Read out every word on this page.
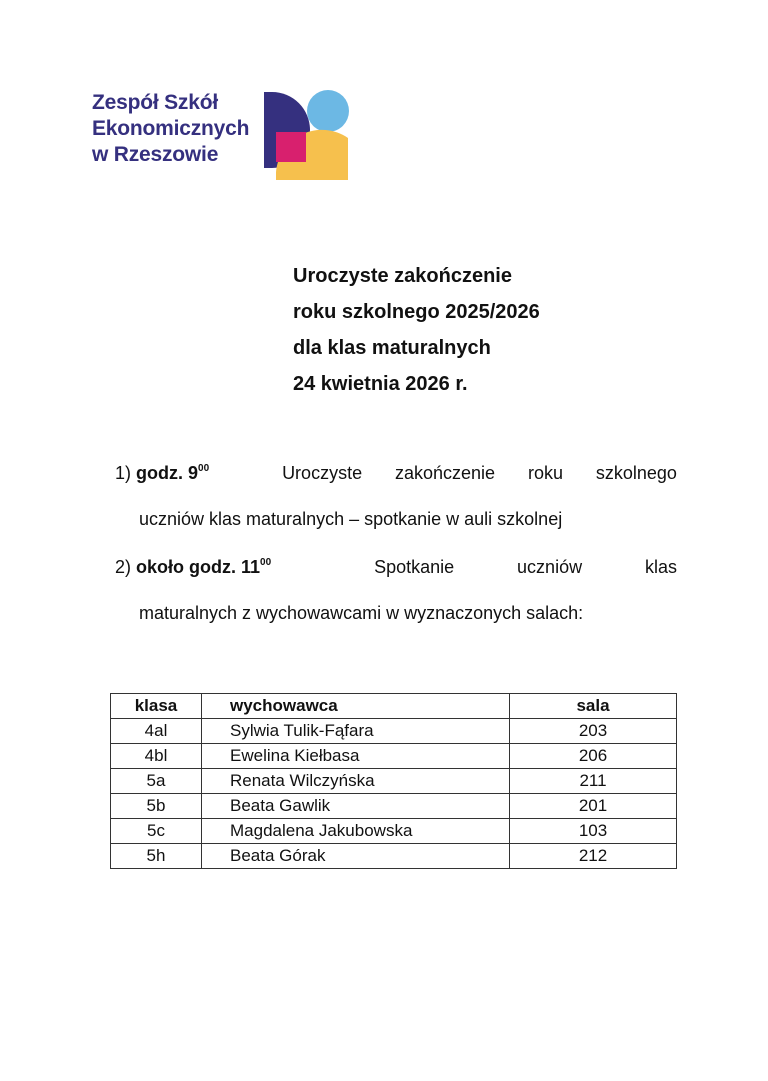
Zespół Szkół
Ekonomicznych
w Rzeszowie
Uroczyste zakończenie
roku szkolnego 2025/2026
dla klas maturalnych
24 kwietnia 2026 r.
1) godz. $9^{00}$	Uroczyste zakończenie roku szkolnego
uczniów klas maturalnych – spotkanie w auli szkolnej
2) około godz. $11^{00}$	Spotkanie	uczniów	klas
maturalnych z wychowawcami w wyznaczonych salach:
klasa	wychowawca	sala
4al	Sylwia Tulik-Fąfara	203
4bl	Ewelina Kiełbasa	206
5a	Renata Wilczyńska	211
5b	Beata Gawlik	201
5c	Magdalena Jakubowska	103
5h	Beata Górak	212
